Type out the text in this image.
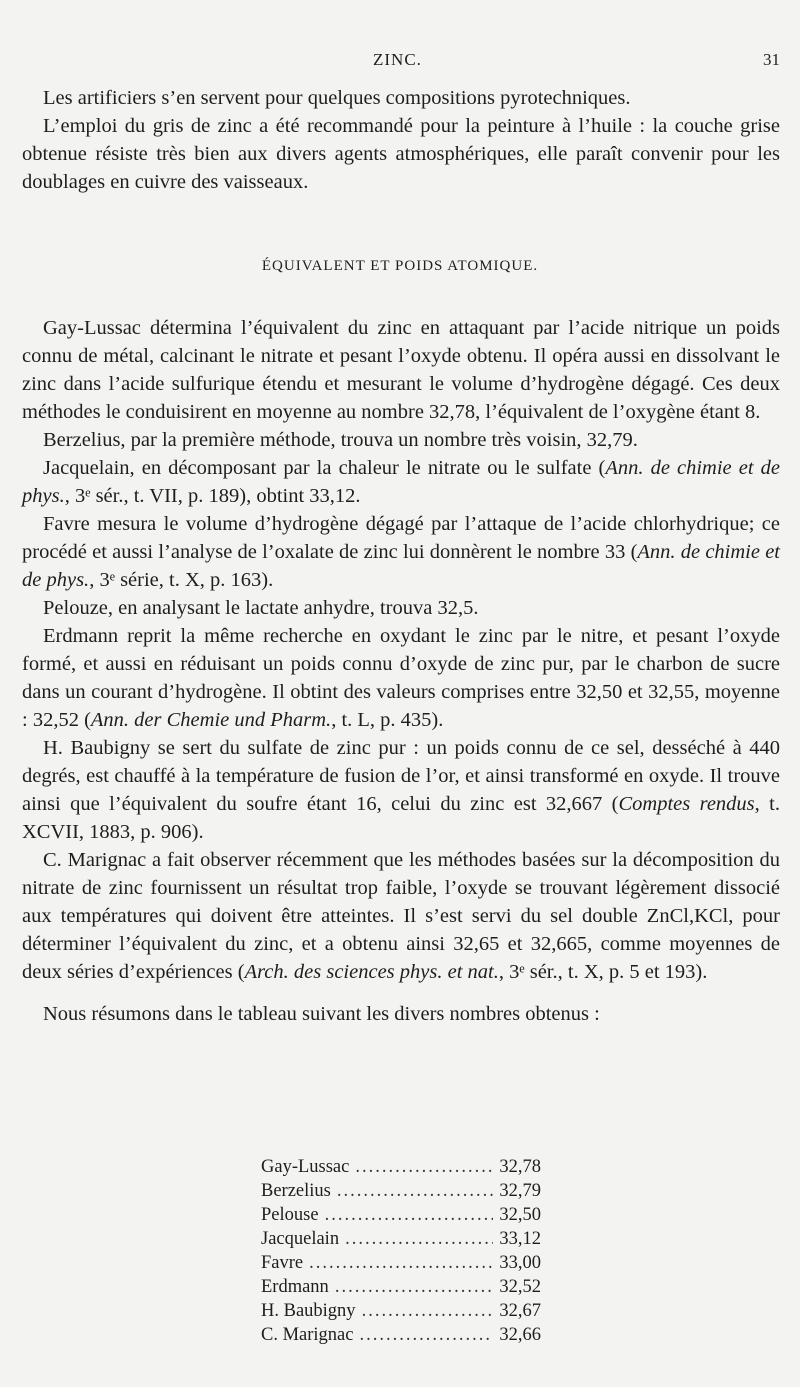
ZINC.	31

Les artificiers s’en servent pour quelques compositions pyrotechniques.

L’emploi du gris de zinc a été recommandé pour la peinture à l’huile : la couche grise obtenue résiste très bien aux divers agents atmosphériques, elle paraît convenir pour les doublages en cuivre des vaisseaux.

ÉQUIVALENT ET POIDS ATOMIQUE.

Gay-Lussac détermina l’équivalent du zinc en attaquant par l’acide nitrique un poids connu de métal, calcinant le nitrate et pesant l’oxyde obtenu. Il opéra aussi en dissolvant le zinc dans l’acide sulfurique étendu et mesurant le volume d’hydrogène dégagé. Ces deux méthodes le conduisirent en moyenne au nombre 32,78, l’équivalent de l’oxygène étant 8.

Berzelius, par la première méthode, trouva un nombre très voisin, 32,79.

Jacquelain, en décomposant par la chaleur le nitrate ou le sulfate (Ann. de chimie et de phys., 3ᵉ sér., t. VII, p. 189), obtint 33,12.

Favre mesura le volume d’hydrogène dégagé par l’attaque de l’acide chlorhydrique; ce procédé et aussi l’analyse de l’oxalate de zinc lui donnèrent le nombre 33 (Ann. de chimie et de phys., 3ᵉ série, t. X, p. 163).

Pelouze, en analysant le lactate anhydre, trouva 32,5.

Erdmann reprit la même recherche en oxydant le zinc par le nitre, et pesant l’oxyde formé, et aussi en réduisant un poids connu d’oxyde de zinc pur, par le charbon de sucre dans un courant d’hydrogène. Il obtint des valeurs comprises entre 32,50 et 32,55, moyenne : 32,52 (Ann. der Chemie und Pharm., t. L, p. 435).

H. Baubigny se sert du sulfate de zinc pur : un poids connu de ce sel, desséché à 440 degrés, est chauffé à la température de fusion de l’or, et ainsi transformé en oxyde. Il trouve ainsi que l’équivalent du soufre étant 16, celui du zinc est 32,667 (Comptes rendus, t. XCVII, 1883, p. 906).

C. Marignac a fait observer récemment que les méthodes basées sur la décomposition du nitrate de zinc fournissent un résultat trop faible, l’oxyde se trouvant légèrement dissocié aux températures qui doivent être atteintes. Il s’est servi du sel double ZnCl,KCl, pour déterminer l’équivalent du zinc, et a obtenu ainsi 32,65 et 32,665, comme moyennes de deux séries d’expériences (Arch. des sciences phys. et nat., 3ᵉ sér., t. X, p. 5 et 193).

Nous résumons dans le tableau suivant les divers nombres obtenus :

Gay-Lussac .....	32,78
Berzelius .....	32,79
Pelouse .....	32,50
Jacquelain .....	33,12
Favre .....	33,00
Erdmann .....	32,52
H. Baubigny .....	32,67
C. Marignac .....	32,66
